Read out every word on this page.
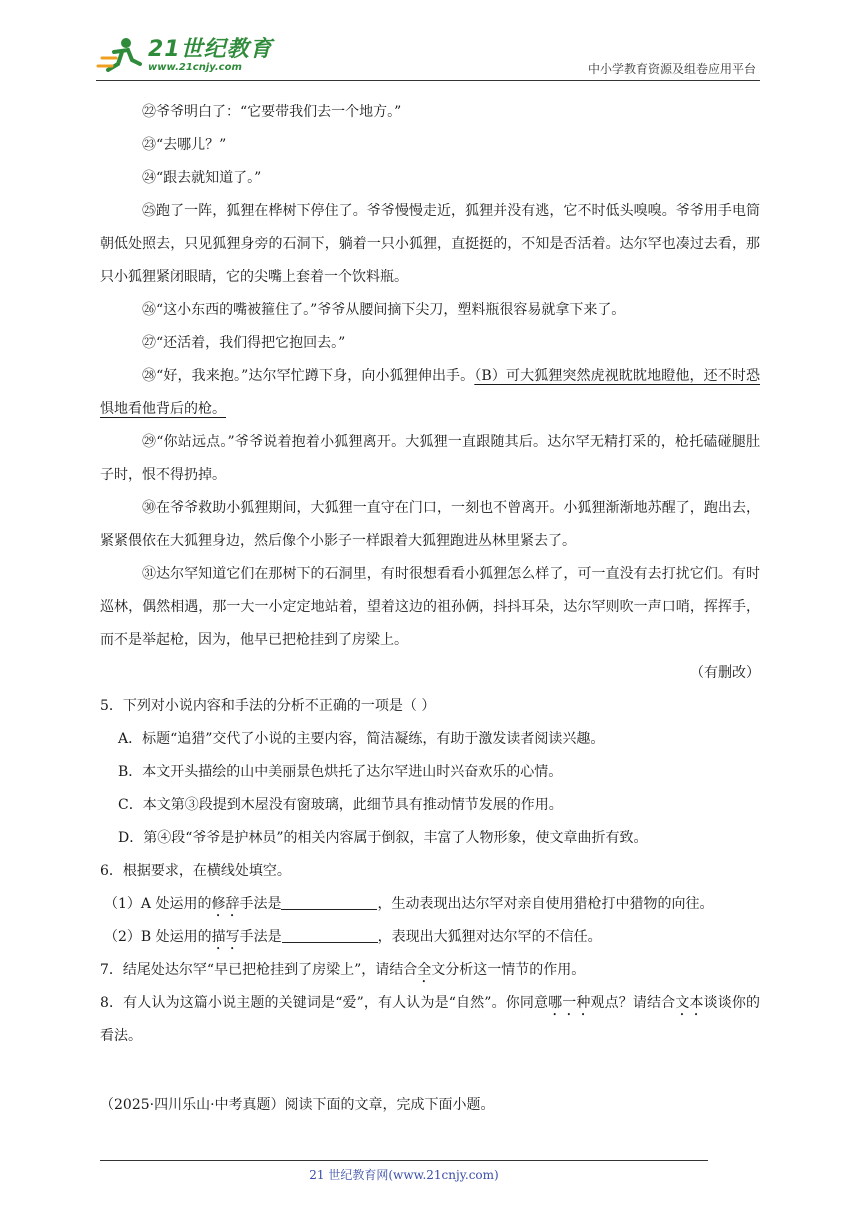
21世纪教育
www.21cnjy.com	中小学教育资源及组卷应用平台

㉒爷爷明白了：“它要带我们去一个地方。”

㉓“去哪儿？”

㉔“跟去就知道了。”

㉕跑了一阵，狐狸在桦树下停住了。爷爷慢慢走近，狐狸并没有逃，它不时低头嗅嗅。爷爷用手电筒朝低处照去，只见狐狸身旁的石洞下，躺着一只小狐狸，直挺挺的，不知是否活着。达尔罕也凑过去看，那只小狐狸紧闭眼睛，它的尖嘴上套着一个饮料瓶。

㉖“这小东西的嘴被箍住了。”爷爷从腰间摘下尖刀，塑料瓶很容易就拿下来了。

㉗“还活着，我们得把它抱回去。”

㉘“好，我来抱。”达尔罕忙蹲下身，向小狐狸伸出手。（B）可大狐狸突然虎视眈眈地瞪他，还不时恐惧地看他背后的枪。

㉙“你站远点。”爷爷说着抱着小狐狸离开。大狐狸一直跟随其后。达尔罕无精打采的，枪托磕碰腿肚子时，恨不得扔掉。

㉚在爷爷救助小狐狸期间，大狐狸一直守在门口，一刻也不曾离开。小狐狸渐渐地苏醒了，跑出去，紧紧偎依在大狐狸身边，然后像个小影子一样跟着大狐狸跑进丛林里紧去了。

㉛达尔罕知道它们在那树下的石洞里，有时很想看看小狐狸怎么样了，可一直没有去打扰它们。有时巡林，偶然相遇，那一大一小定定地站着，望着这边的祖孙俩，抖抖耳朵，达尔罕则吹一声口哨，挥挥手，而不是举起枪，因为，他早已把枪挂到了房梁上。

（有删改）

5．下列对小说内容和手法的分析不正确的一项是（ ）

A．标题“追猎”交代了小说的主要内容，简洁凝练，有助于激发读者阅读兴趣。

B．本文开头描绘的山中美丽景色烘托了达尔罕进山时兴奋欢乐的心情。

C．本文第③段提到木屋没有窗玻璃，此细节具有推动情节发展的作用。

D．第④段“爷爷是护林员”的相关内容属于倒叙，丰富了人物形象，使文章曲折有致。

6．根据要求，在横线处填空。

（1）A 处运用的修辞手法是	，生动表现出达尔罕对亲自使用猎枪打中猎物的向往。

（2）B 处运用的描写手法是	，表现出大狐狸对达尔罕的不信任。

7．结尾处达尔罕“早已把枪挂到了房梁上”，请结合全文分析这一情节的作用。

8．有人认为这篇小说主题的关键词是“爱”，有人认为是“自然”。你同意哪一种观点？请结合文本谈谈你的看法。

（2025·四川乐山·中考真题）阅读下面的文章，完成下面小题。

21 世纪教育网(www.21cnjy.com)
